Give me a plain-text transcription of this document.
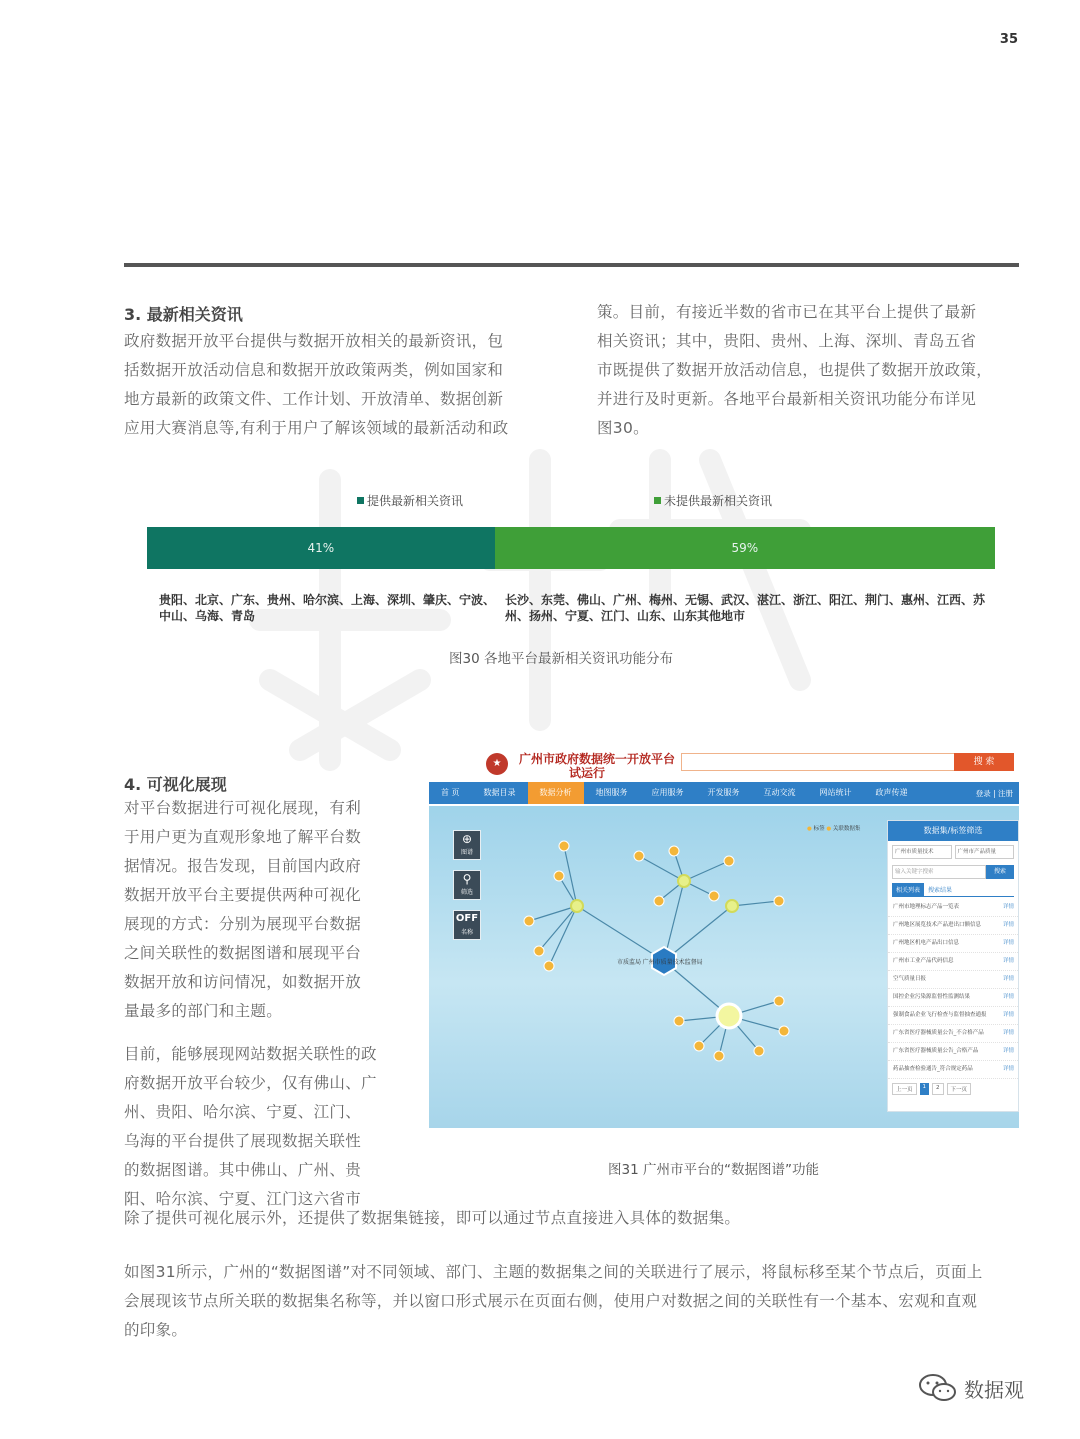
35
3. 最新相关资讯
政府数据开放平台提供与数据开放相关的最新资讯，包
括数据开放活动信息和数据开放政策两类，例如国家和
地方最新的政策文件、工作计划、开放清单、数据创新
应用大赛消息等,有利于用户了解该领域的最新活动和政
策。目前，有接近半数的省市已在其平台上提供了最新
相关资讯；其中，贵阳、贵州、上海、深圳、青岛五省
市既提供了数据开放活动信息，也提供了数据开放政策，
并进行及时更新。各地平台最新相关资讯功能分布详见
图30。
提供最新相关资讯	未提供最新相关资讯
41%	59%
贵阳、北京、广东、贵州、哈尔滨、上海、深圳、肇庆、宁波、
中山、乌海、青岛
长沙、东莞、佛山、广州、梅州、无锡、武汉、湛江、浙江、阳江、荆门、惠州、江西、苏
州、扬州、宁夏、江门、山东、山东其他地市
图30 各地平台最新相关资讯功能分布
4. 可视化展现
对平台数据进行可视化展现，有利
于用户更为直观形象地了解平台数
据情况。报告发现，目前国内政府
数据开放平台主要提供两种可视化
展现的方式：分别为展现平台数据
之间关联性的数据图谱和展现平台
数据开放和访问情况，如数据开放
量最多的部门和主题。
目前，能够展现网站数据关联性的政
府数据开放平台较少，仅有佛山、广
州、贵阳、哈尔滨、宁夏、江门、
乌海的平台提供了展现数据关联性
的数据图谱。其中佛山、广州、贵
阳、哈尔滨、宁夏、江门这六省市
除了提供可视化展示外，还提供了数据集链接，即可以通过节点直接进入具体的数据集。
如图31所示，广州的“数据图谱”对不同领域、部门、主题的数据集之间的关联进行了展示，将鼠标移至某个节点后，页面上
会展现该节点所关联的数据集名称等，并以窗口形式展示在页面右侧，使用户对数据之间的关联性有一个基本、宏观和直观
的印象。
★	广州市政府数据统一开放平台
试运行
搜 索
首 页	数据目录	数据分析	地图服务	应用服务	开发服务	互动交流	网站统计	政声传递	登录 | 注册
市质监局 广州市质量技术监督局
⊕
图谱
⚲
筛选
OFF
名称
● 标签 ● 关联数据集	数据集/标签筛选
广州市质量技术	广州市产品质量
输入关键字搜索	搜索
相关列表	搜索结果
广州市地理标志产品一览表	详情
广州地区展览技术产品进出口额信息	详情
广州地区机电产品出口信息	详情
广州市工业产品代码信息	详情
空气质量日报	详情
国控企业污染源监督性监测结果	详情
强制食品企业飞行检查与监督抽查通报	详情
广东省医疗器械质量公告_不合格产品	详情
广东省医疗器械质量公告_合格产品	详情
药品抽查检验通告_符合规定药品	详情
上一页	1	2	下一页
图31 广州市平台的“数据图谱”功能
数据观
